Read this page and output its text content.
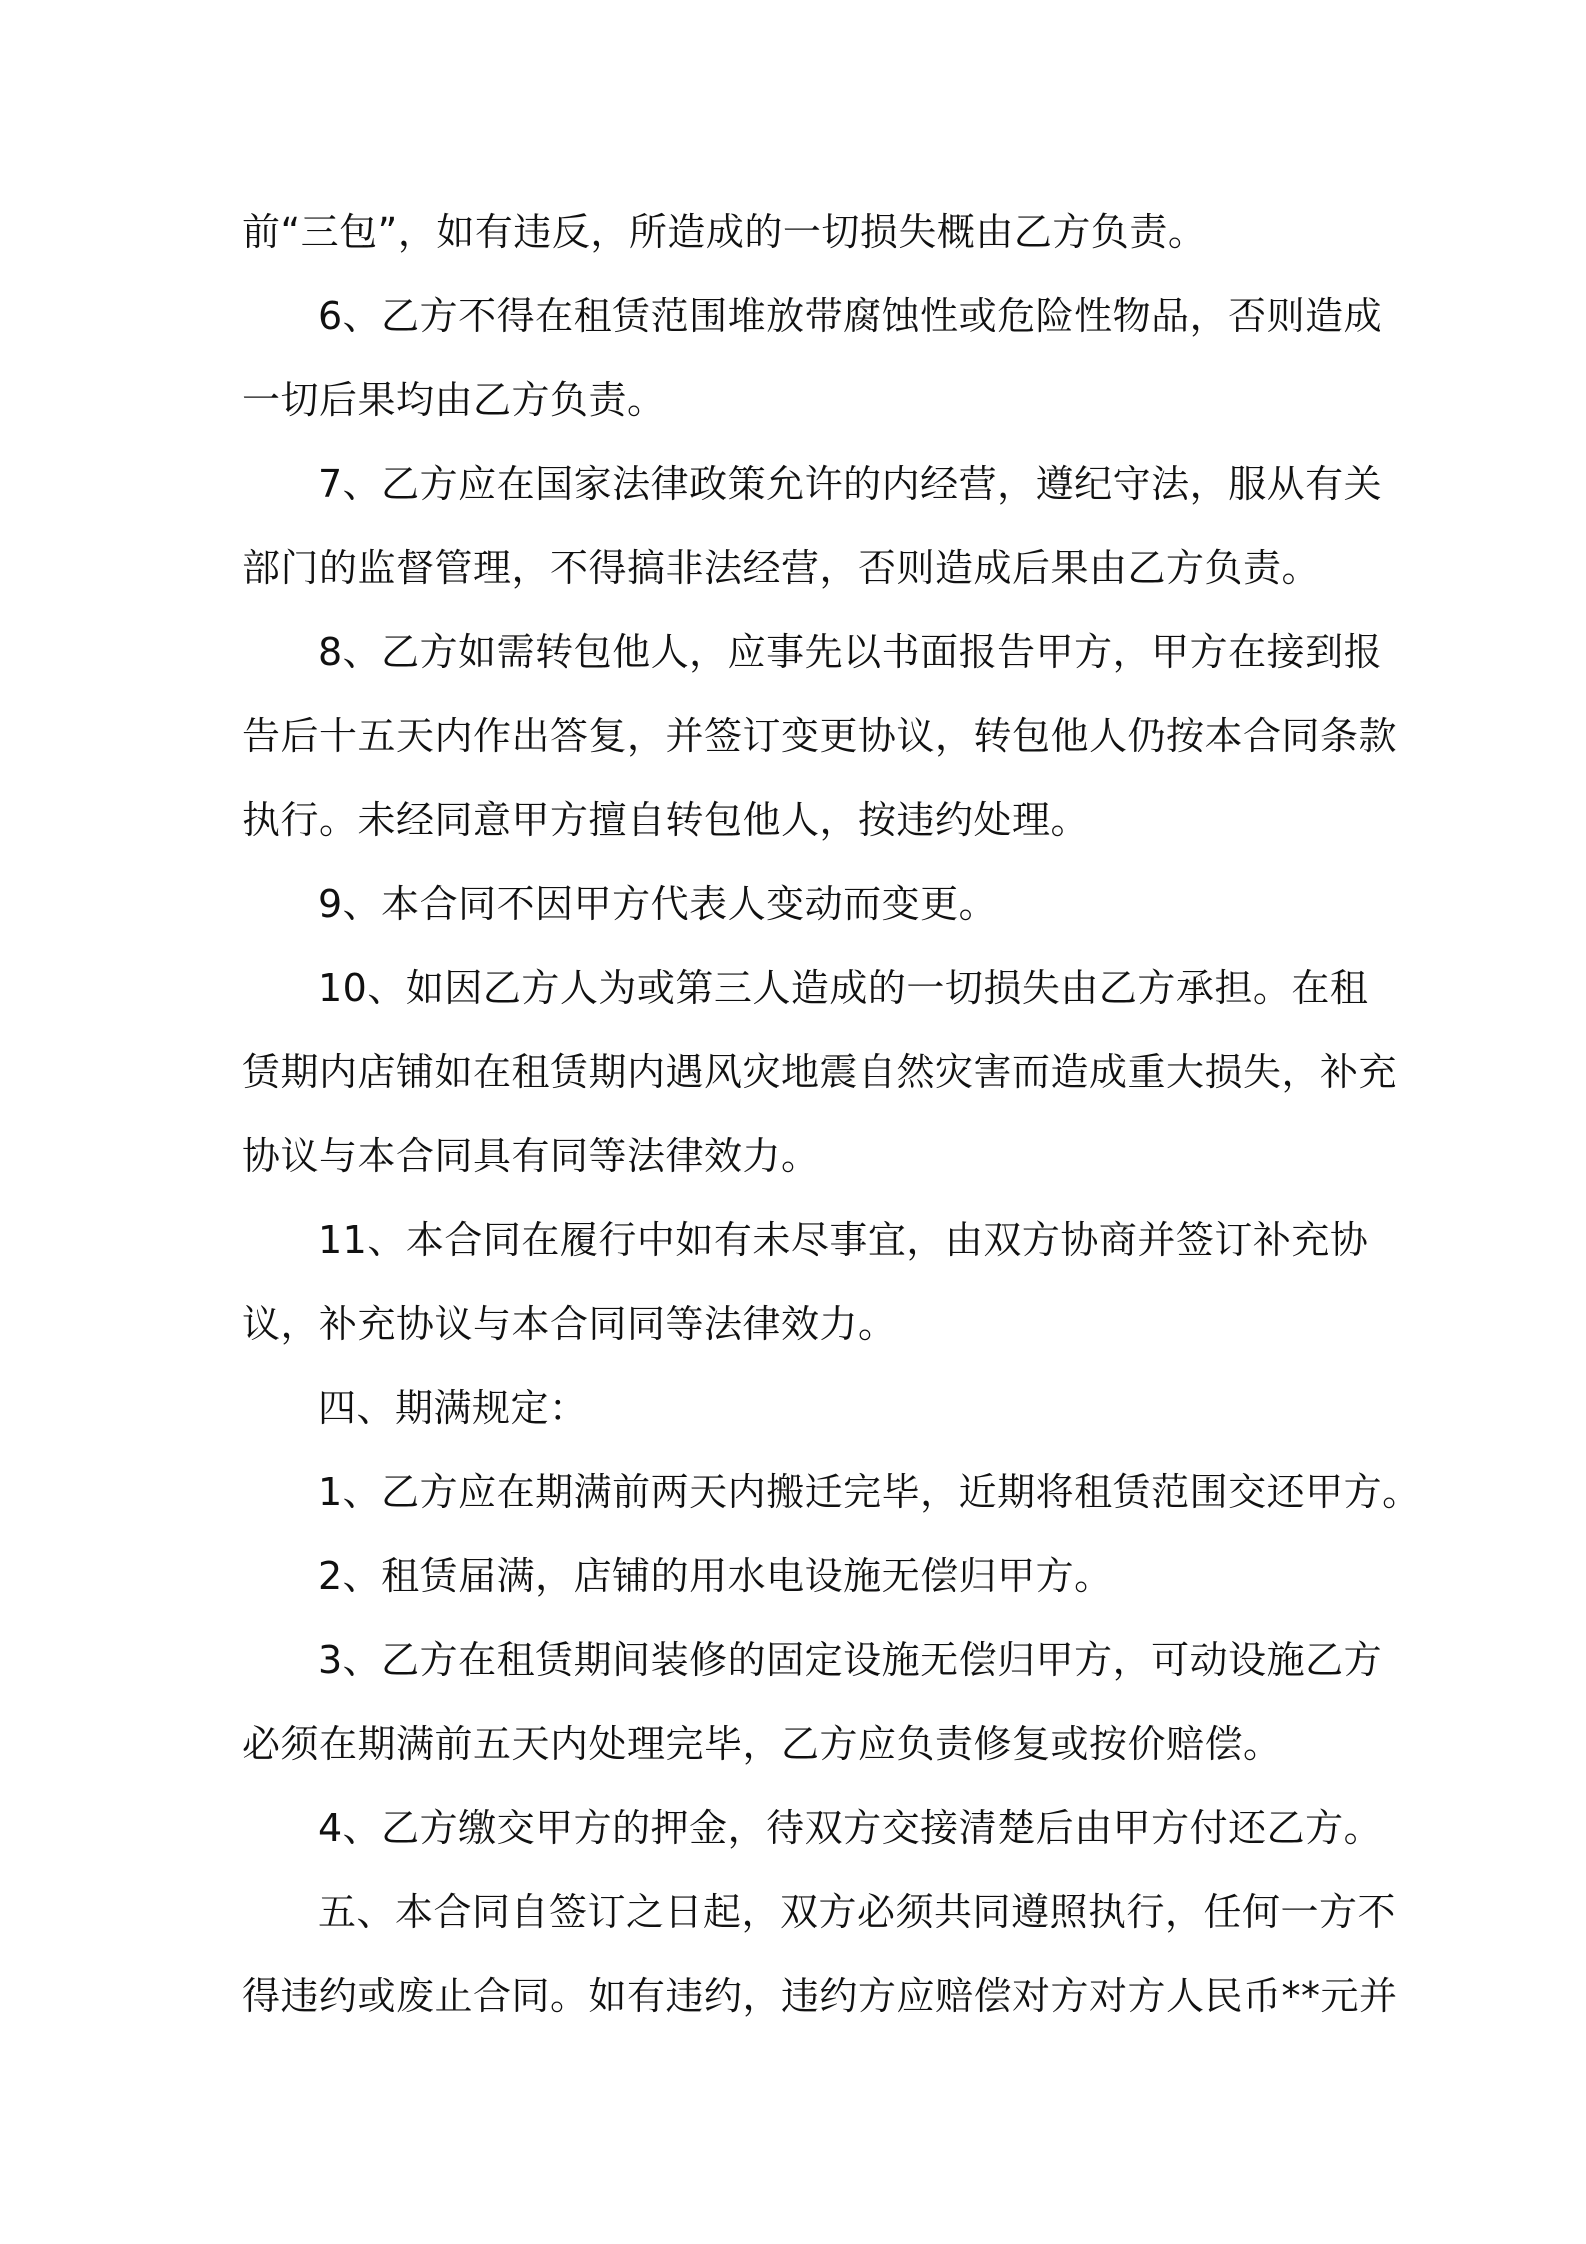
前“三包”，如有违反，所造成的一切损失概由乙方负责。
6、乙方不得在租赁范围堆放带腐蚀性或危险性物品，否则造成
一切后果均由乙方负责。
7、乙方应在国家法律政策允许的内经营，遵纪守法，服从有关
部门的监督管理，不得搞非法经营，否则造成后果由乙方负责。
8、乙方如需转包他人，应事先以书面报告甲方，甲方在接到报
告后十五天内作出答复，并签订变更协议，转包他人仍按本合同条款
执行。未经同意甲方擅自转包他人，按违约处理。
9、本合同不因甲方代表人变动而变更。
10、如因乙方人为或第三人造成的一切损失由乙方承担。在租
赁期内店铺如在租赁期内遇风灾地震自然灾害而造成重大损失，补充
协议与本合同具有同等法律效力。
11、本合同在履行中如有未尽事宜，由双方协商并签订补充协
议，补充协议与本合同同等法律效力。
四、期满规定：
1、乙方应在期满前两天内搬迁完毕，近期将租赁范围交还甲方。
2、租赁届满，店铺的用水电设施无偿归甲方。
3、乙方在租赁期间装修的固定设施无偿归甲方，可动设施乙方
必须在期满前五天内处理完毕，乙方应负责修复或按价赔偿。
4、乙方缴交甲方的押金，待双方交接清楚后由甲方付还乙方。
五、本合同自签订之日起，双方必须共同遵照执行，任何一方不
得违约或废止合同。如有违约，违约方应赔偿对方对方人民币**元并
